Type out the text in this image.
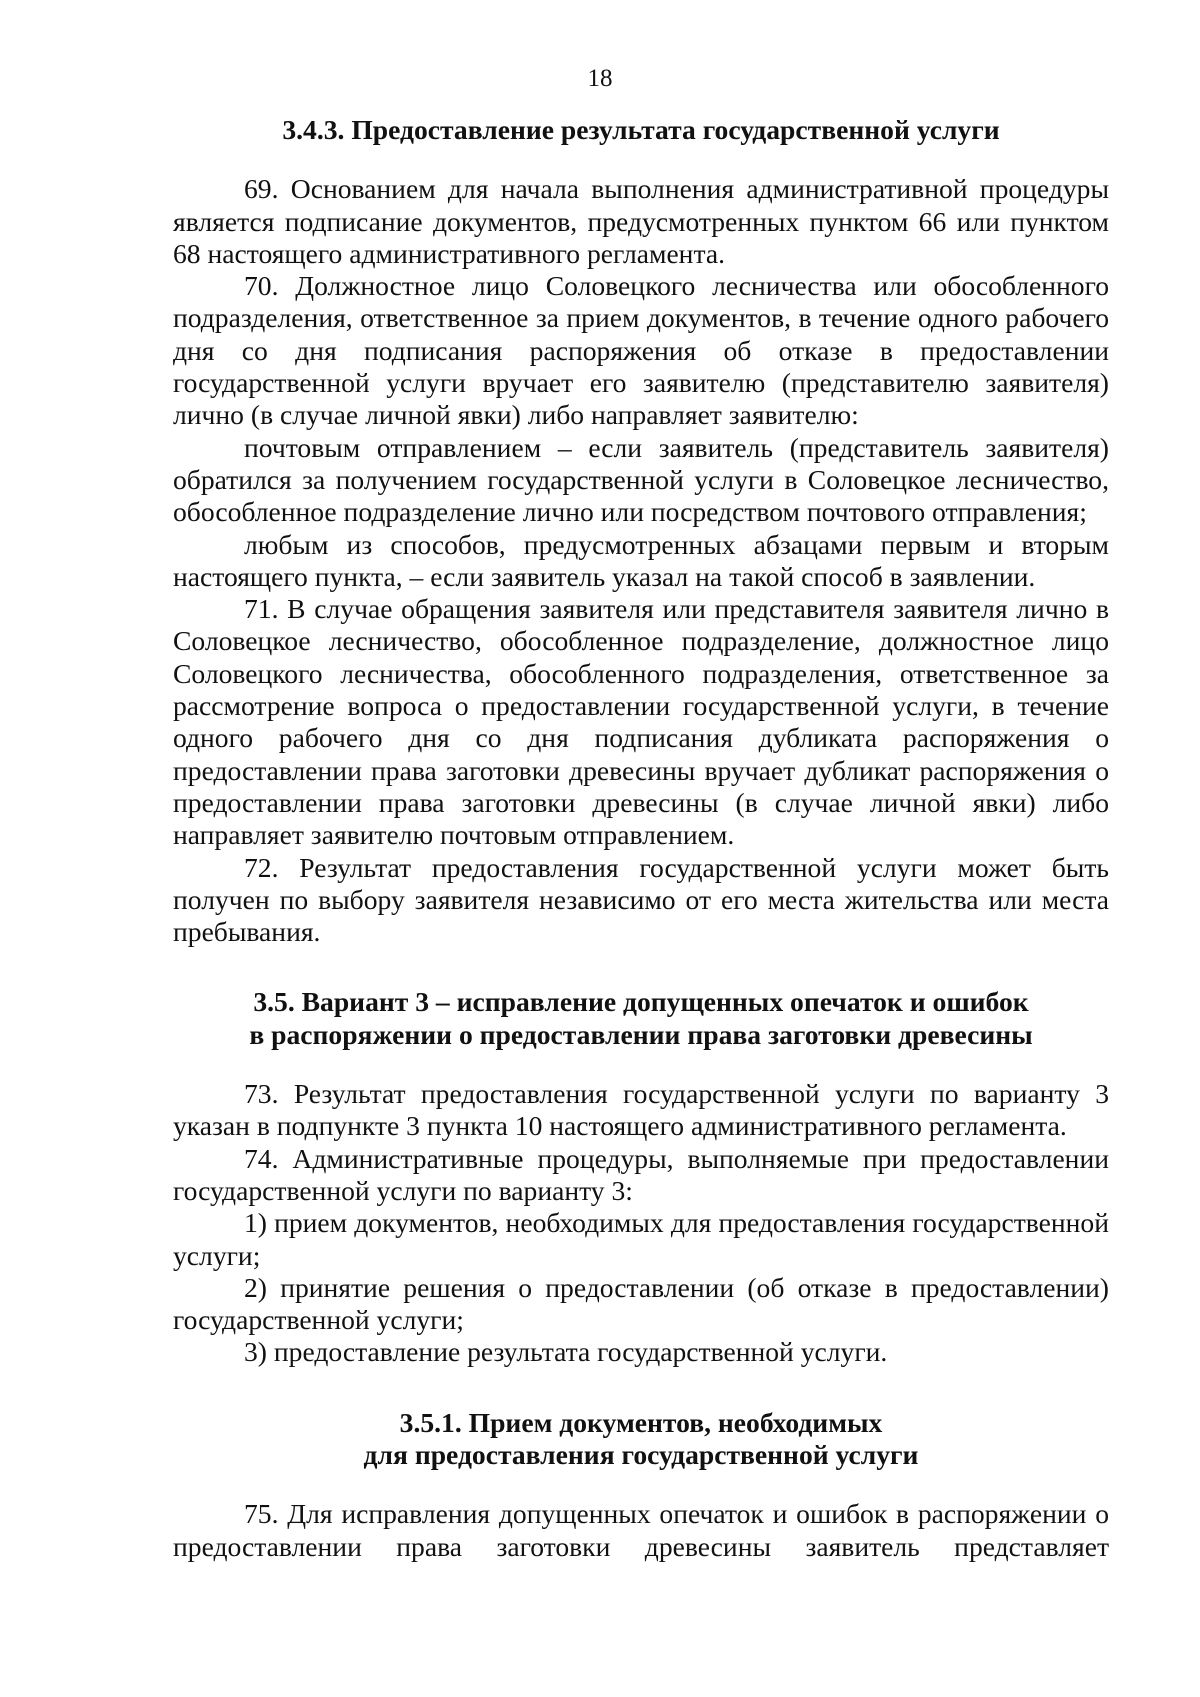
18
3.4.3. Предоставление результата государственной услуги

69. Основанием для начала выполнения административной процедуры является подписание документов, предусмотренных пунктом 66 или пунктом 68 настоящего административного регламента.

70. Должностное лицо Соловецкого лесничества или обособленного подразделения, ответственное за прием документов, в течение одного рабочего дня со дня подписания распоряжения об отказе в предоставлении государственной услуги вручает его заявителю (представителю заявителя) лично (в случае личной явки) либо направляет заявителю:

почтовым отправлением – если заявитель (представитель заявителя) обратился за получением государственной услуги в Соловецкое лесничество, обособленное подразделение лично или посредством почтового отправления;

любым из способов, предусмотренных абзацами первым и вторым настоящего пункта, – если заявитель указал на такой способ в заявлении.

71. В случае обращения заявителя или представителя заявителя лично в Соловецкое лесничество, обособленное подразделение, должностное лицо Соловецкого лесничества, обособленного подразделения, ответственное за рассмотрение вопроса о предоставлении государственной услуги, в течение одного рабочего дня со дня подписания дубликата распоряжения о предоставлении права заготовки древесины вручает дубликат распоряжения о предоставлении права заготовки древесины (в случае личной явки) либо направляет заявителю почтовым отправлением.

72. Результат предоставления государственной услуги может быть получен по выбору заявителя независимо от его места жительства или места пребывания.

3.5. Вариант 3 – исправление допущенных опечаток и ошибок
в распоряжении о предоставлении права заготовки древесины

73. Результат предоставления государственной услуги по варианту 3 указан в подпункте 3 пункта 10 настоящего административного регламента.

74. Административные процедуры, выполняемые при предоставлении государственной услуги по варианту 3:

1) прием документов, необходимых для предоставления государственной услуги;

2) принятие решения о предоставлении (об отказе в предоставлении) государственной услуги;

3) предоставление результата государственной услуги.

3.5.1. Прием документов, необходимых
для предоставления государственной услуги

75. Для исправления допущенных опечаток и ошибок в распоряжении о предоставлении права заготовки древесины заявитель представляет
